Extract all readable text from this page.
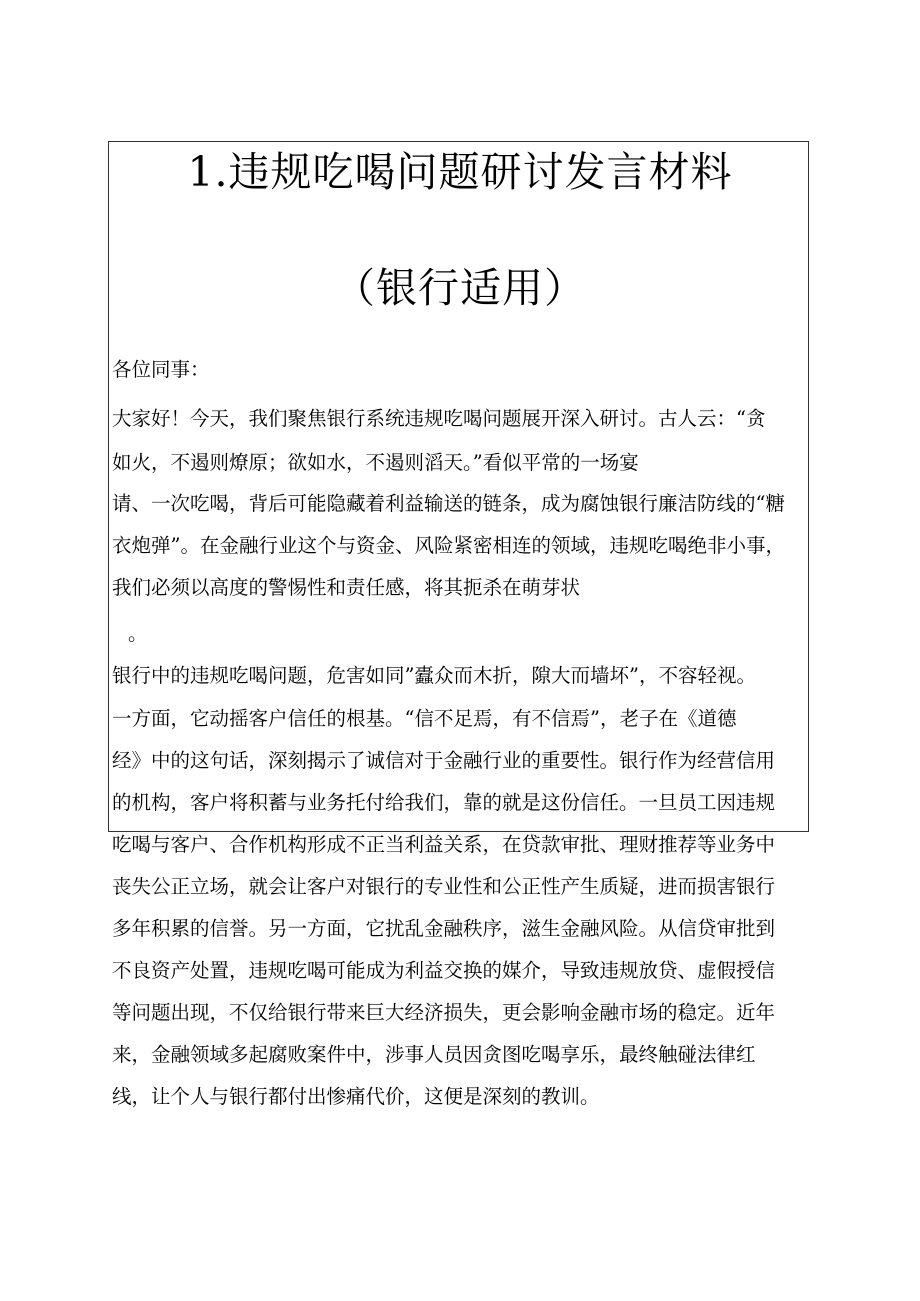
1.违规吃喝问题研讨发言材料
（银行适用）
各位同事：
大家好！今天，我们聚焦银行系统违规吃喝问题展开深入研讨。古人云：“贪
如火，不遏则燎原；欲如水，不遏则滔天。”看似平常的一场宴
请、一次吃喝，背后可能隐藏着利益输送的链条，成为腐蚀银行廉洁防线的“糖
衣炮弹”。在金融行业这个与资金、风险紧密相连的领域，违规吃喝绝非小事，
我们必须以高度的警惕性和责任感，将其扼杀在萌芽状
。
银行中的违规吃喝问题，危害如同”蠹众而木折，隙大而墙坏”，不容轻视。
一方面，它动摇客户信任的根基。“信不足焉，有不信焉”，老子在《道德
经》中的这句话，深刻揭示了诚信对于金融行业的重要性。银行作为经营信用
的机构，客户将积蓄与业务托付给我们，靠的就是这份信任。一旦员工因违规
吃喝与客户、合作机构形成不正当利益关系，在贷款审批、理财推荐等业务中
丧失公正立场，就会让客户对银行的专业性和公正性产生质疑，进而损害银行
多年积累的信誉。另一方面，它扰乱金融秩序，滋生金融风险。从信贷审批到
不良资产处置，违规吃喝可能成为利益交换的媒介，导致违规放贷、虚假授信
等问题出现，不仅给银行带来巨大经济损失，更会影响金融市场的稳定。近年
来，金融领域多起腐败案件中，涉事人员因贪图吃喝享乐，最终触碰法律红
线，让个人与银行都付出惨痛代价，这便是深刻的教训。
